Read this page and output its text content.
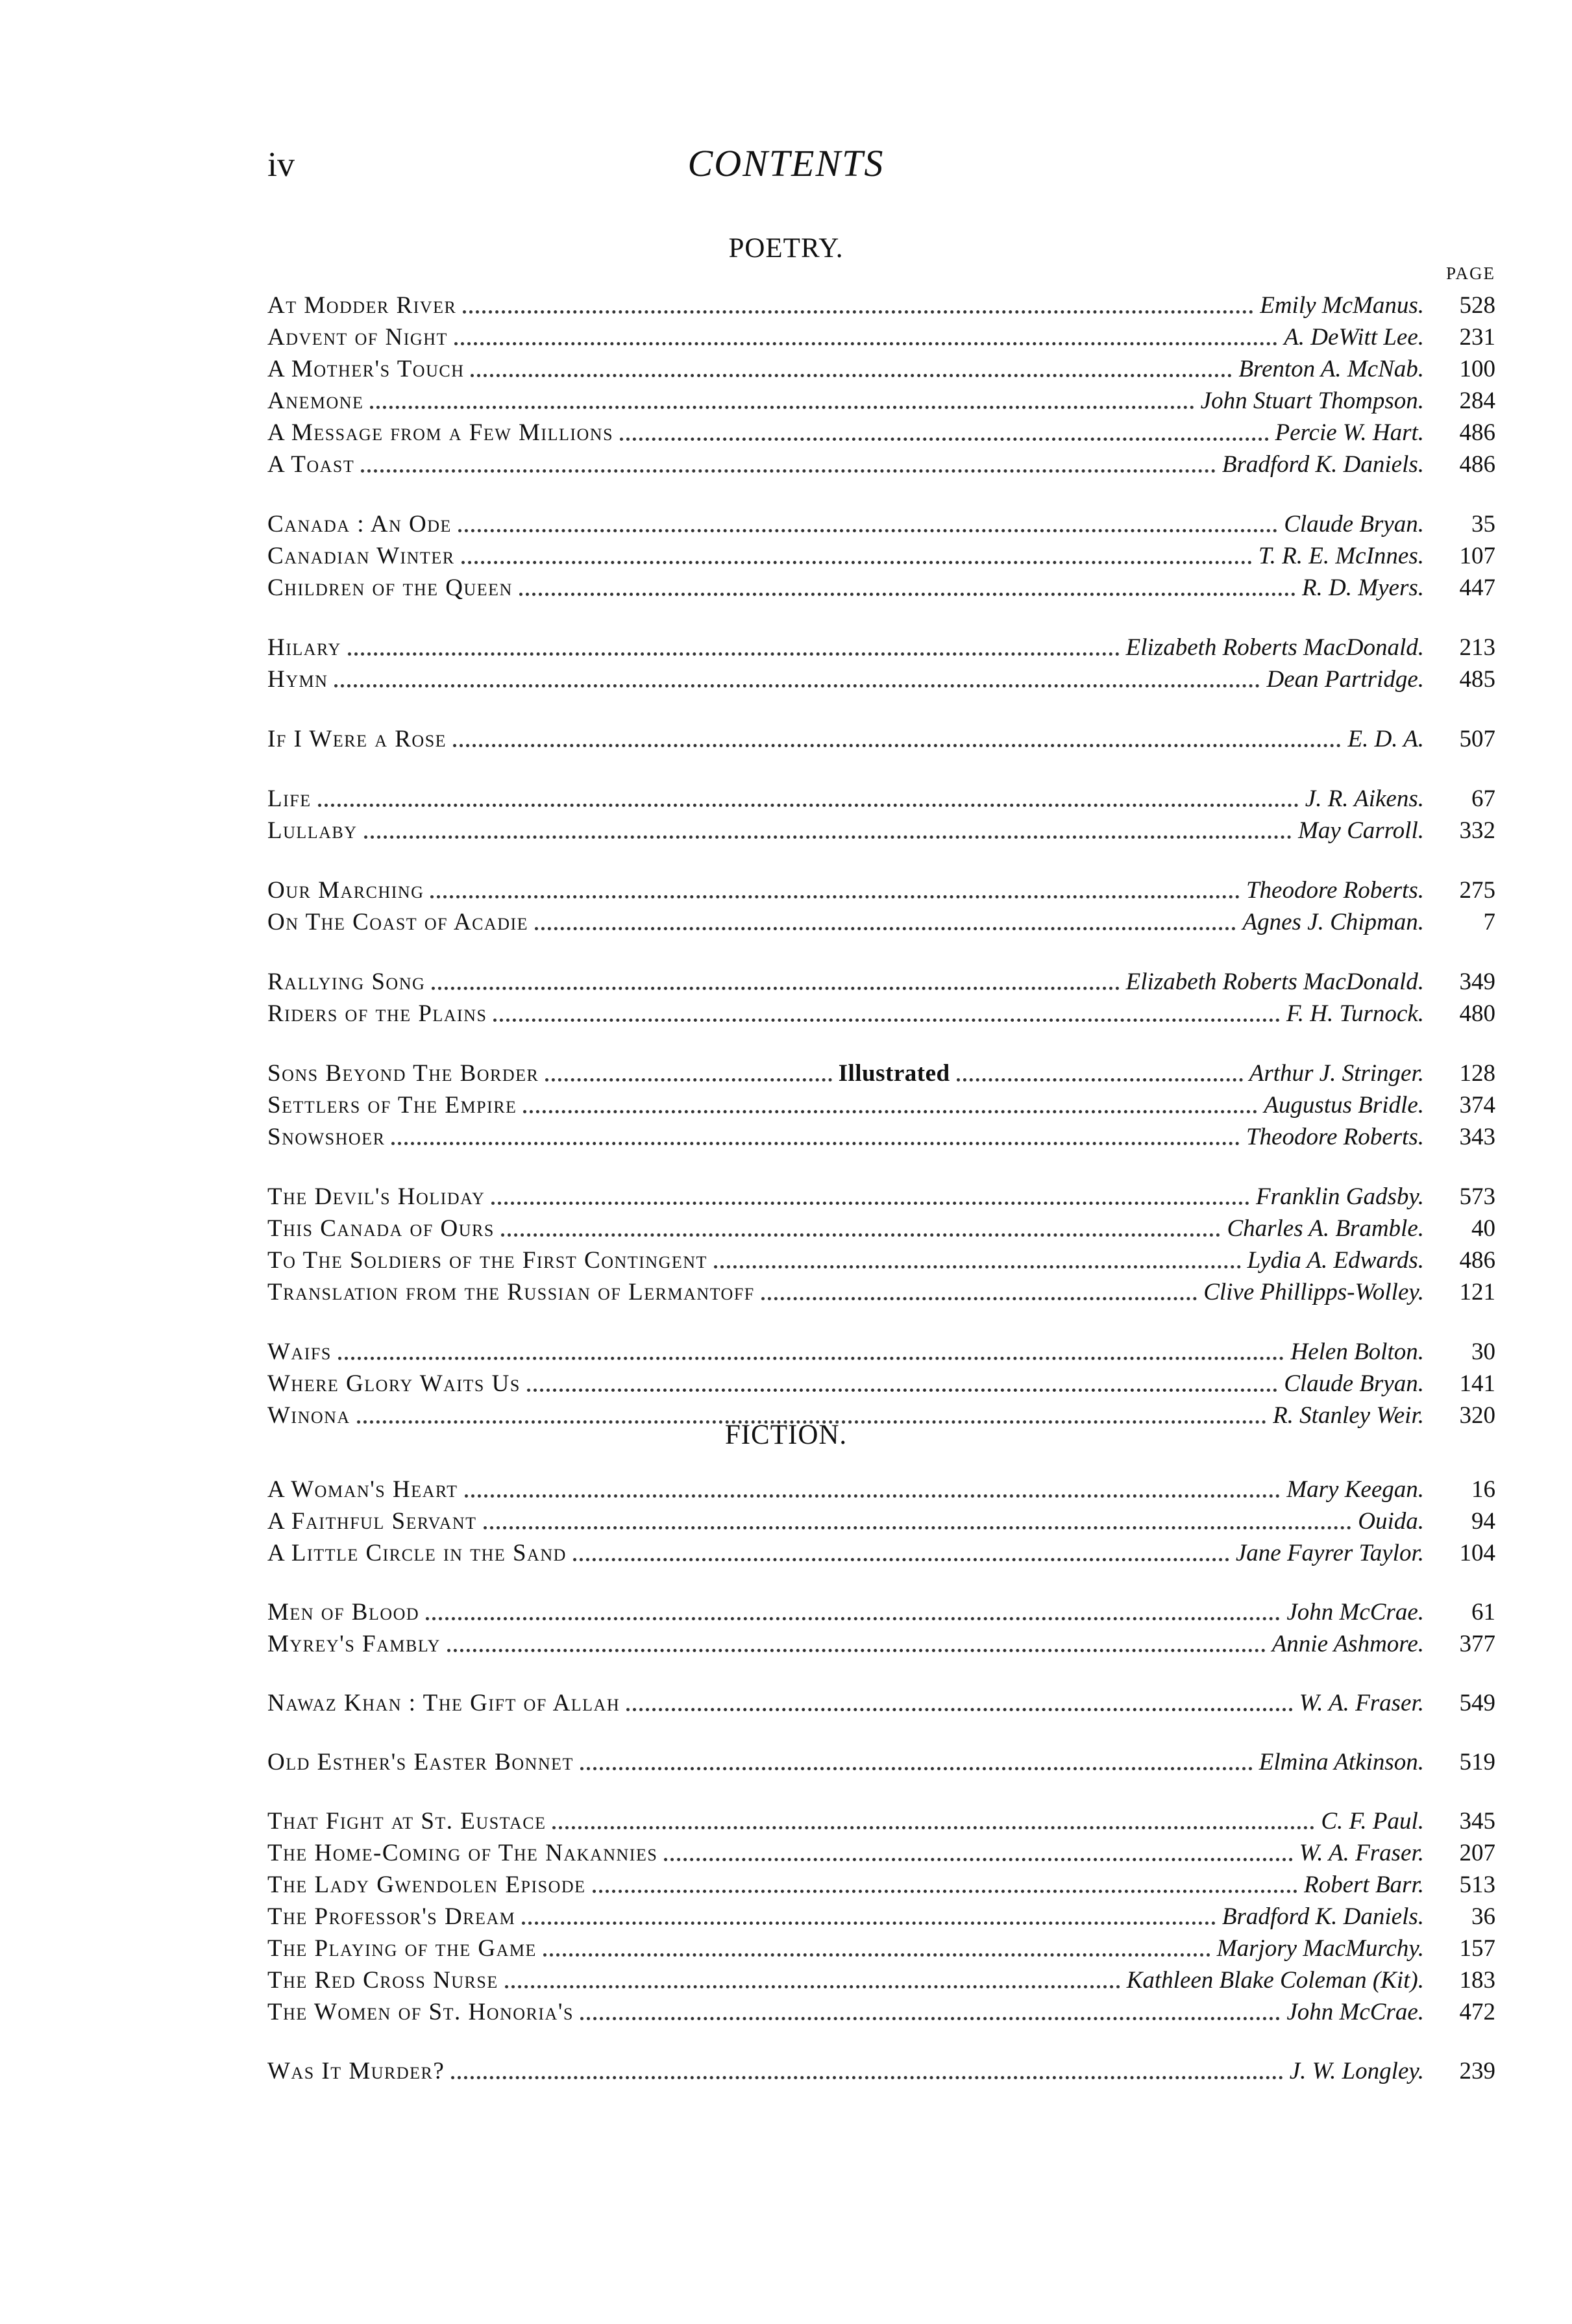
iv	CONTENTS
POETRY.
PAGE
At Modder River	Emily McManus.	528
Advent of Night	A. DeWitt Lee.	231
A Mother's Touch	Brenton A. McNab.	100
Anemone	John Stuart Thompson.	284
A Message from a Few Millions	Percie W. Hart.	486
A Toast	Bradford K. Daniels.	486
Canada : An Ode	Claude Bryan.	35
Canadian Winter	T. R. E. McInnes.	107
Children of the Queen	R. D. Myers.	447
Hilary	Elizabeth Roberts MacDonald.	213
Hymn	Dean Partridge.	485
If I Were a Rose	E. D. A.	507
Life	J. R. Aikens.	67
Lullaby	May Carroll.	332
Our Marching	Theodore Roberts.	275
On The Coast of Acadie	Agnes J. Chipman.	7
Rallying Song	Elizabeth Roberts MacDonald.	349
Riders of the Plains	F. H. Turnock.	480
Sons Beyond The Border	Illustrated	Arthur J. Stringer.	128
Settlers of The Empire	Augustus Bridle.	374
Snowshoer	Theodore Roberts.	343
The Devil's Holiday	Franklin Gadsby.	573
This Canada of Ours	Charles A. Bramble.	40
To The Soldiers of the First Contingent	Lydia A. Edwards.	486
Translation from the Russian of Lermantoff	Clive Phillipps-Wolley.	121
Waifs	Helen Bolton.	30
Where Glory Waits Us	Claude Bryan.	141
Winona	R. Stanley Weir.	320
FICTION.
A Woman's Heart	Mary Keegan.	16
A Faithful Servant	Ouida.	94
A Little Circle in the Sand	Jane Fayrer Taylor.	104
Men of Blood	John McCrae.	61
Myrey's Fambly	Annie Ashmore.	377
Nawaz Khan : The Gift of Allah	W. A. Fraser.	549
Old Esther's Easter Bonnet	Elmina Atkinson.	519
That Fight at St. Eustace	C. F. Paul.	345
The Home-Coming of The Nakannies	W. A. Fraser.	207
The Lady Gwendolen Episode	Robert Barr.	513
The Professor's Dream	Bradford K. Daniels.	36
The Playing of the Game	Marjory MacMurchy.	157
The Red Cross Nurse	Kathleen Blake Coleman (Kit).	183
The Women of St. Honoria's	John McCrae.	472
Was It Murder?	J. W. Longley.	239
